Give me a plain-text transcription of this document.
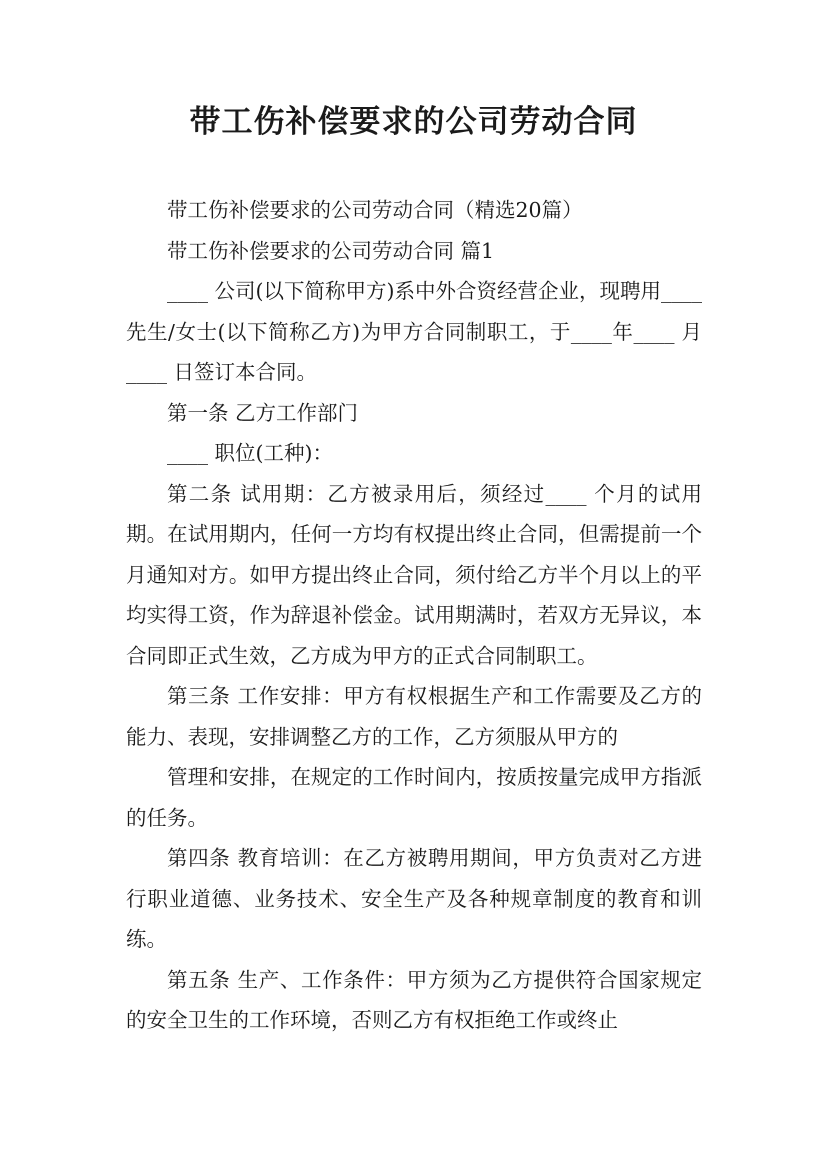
带工伤补偿要求的公司劳动合同

带工伤补偿要求的公司劳动合同（精选20篇）

带工伤补偿要求的公司劳动合同 篇1

____ 公司(以下简称甲方)系中外合资经营企业，现聘用____ 先生/女士(以下简称乙方)为甲方合同制职工，于____年____ 月____ 日签订本合同。

第一条 乙方工作部门

____ 职位(工种)：

第二条 试用期：乙方被录用后，须经过____ 个月的试用期。在试用期内，任何一方均有权提出终止合同，但需提前一个月通知对方。如甲方提出终止合同，须付给乙方半个月以上的平均实得工资，作为辞退补偿金。试用期满时，若双方无异议，本合同即正式生效，乙方成为甲方的正式合同制职工。

第三条 工作安排：甲方有权根据生产和工作需要及乙方的能力、表现，安排调整乙方的工作，乙方须服从甲方的

管理和安排，在规定的工作时间内，按质按量完成甲方指派的任务。

第四条 教育培训：在乙方被聘用期间，甲方负责对乙方进行职业道德、业务技术、安全生产及各种规章制度的教育和训练。

第五条 生产、工作条件：甲方须为乙方提供符合国家规定的安全卫生的工作环境，否则乙方有权拒绝工作或终止
